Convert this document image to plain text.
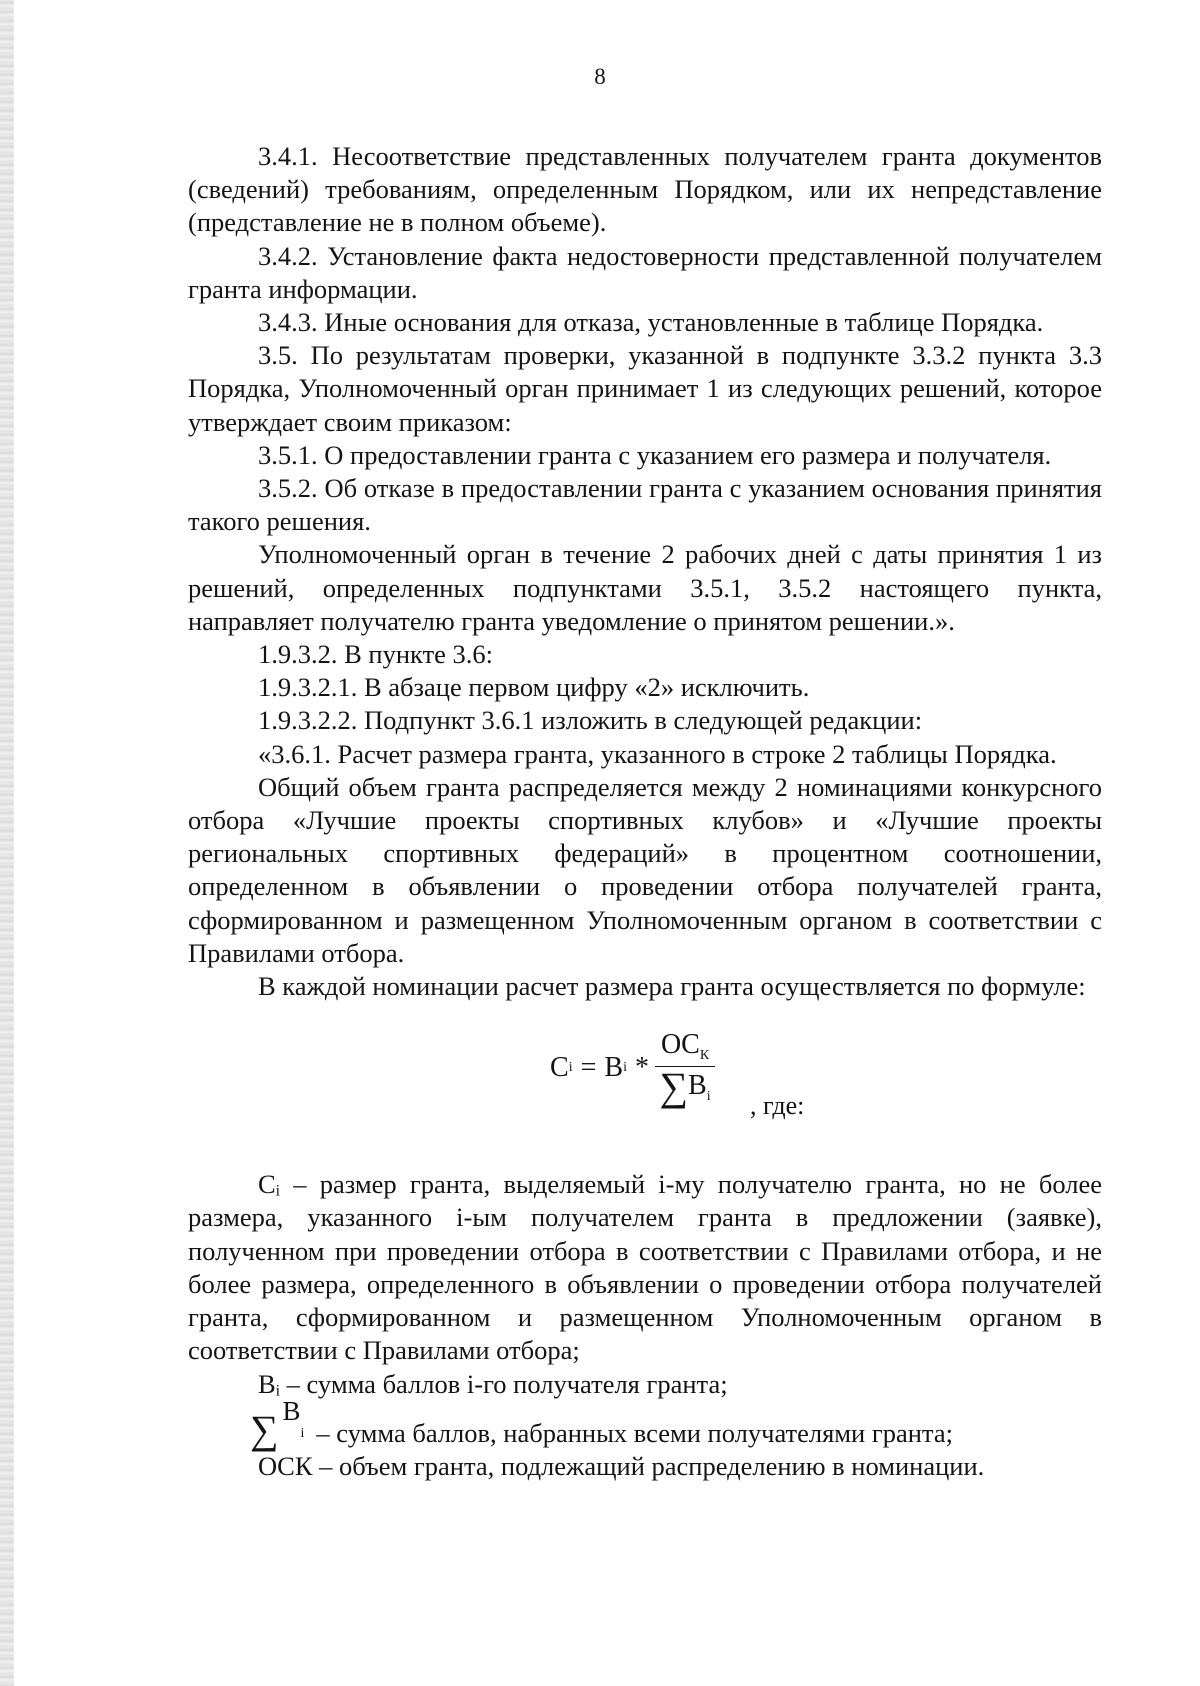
8

3.4.1. Несоответствие представленных получателем гранта документов (сведений) требованиям, определенным Порядком, или их непредставление (представление не в полном объеме).

3.4.2. Установление факта недостоверности представленной получателем гранта информации.

3.4.3. Иные основания для отказа, установленные в таблице Порядка.

3.5. По результатам проверки, указанной в подпункте 3.3.2 пункта 3.3 Порядка, Уполномоченный орган принимает 1 из следующих решений, которое утверждает своим приказом:

3.5.1. О предоставлении гранта с указанием его размера и получателя.

3.5.2. Об отказе в предоставлении гранта с указанием основания принятия такого решения.

Уполномоченный орган в течение 2 рабочих дней с даты принятия 1 из решений, определенных подпунктами 3.5.1, 3.5.2 настоящего пункта, направляет получателю гранта уведомление о принятом решении.».

1.9.3.2. В пункте 3.6:

1.9.3.2.1. В абзаце первом цифру «2» исключить.

1.9.3.2.2. Подпункт 3.6.1 изложить в следующей редакции:

«3.6.1. Расчет размера гранта, указанного в строке 2 таблицы Порядка.

Общий объем гранта распределяется между 2 номинациями конкурсного отбора «Лучшие проекты спортивных клубов» и «Лучшие проекты региональных спортивных федераций» в процентном соотношении, определенном в объявлении о проведении отбора получателей гранта, сформированном и размещенном Уполномоченным органом в соответствии с Правилами отбора.

В каждой номинации расчет размера гранта осуществляется по формуле:

C i = B i * $\frac{OC_К}{\sum B_i}$
, где:

Cᵢ – размер гранта, выделяемый i-му получателю гранта, но не более размера, указанного i-ым получателем гранта в предложении (заявке), полученном при проведении отбора в соответствии с Правилами отбора, и не более размера, определенного в объявлении о проведении отбора получателей гранта, сформированном и размещенном Уполномоченным органом в соответствии с Правилами отбора;

Bᵢ – сумма баллов i-го получателя гранта;

∑ B
i – сумма баллов, набранных всеми получателями гранта;

OCК – объем гранта, подлежащий распределению в номинации.
